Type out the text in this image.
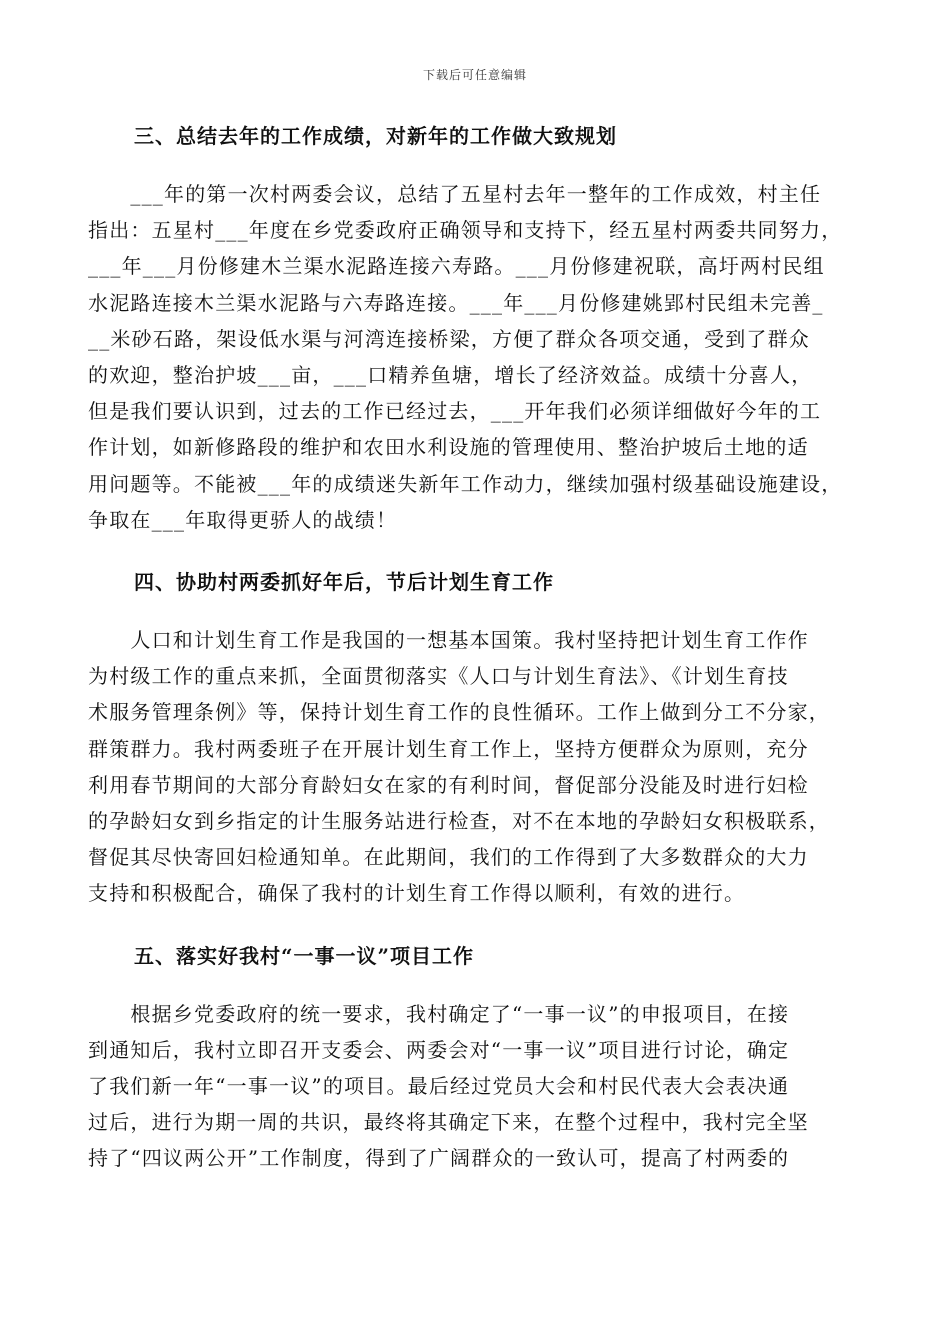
下载后可任意编辑
三、总结去年的工作成绩，对新年的工作做大致规划

　　___年的第一次村两委会议，总结了五星村去年一整年的工作成效，村主任
指出：五星村___年度在乡党委政府正确领导和支持下，经五星村两委共同努力，
___年___月份修建木兰渠水泥路连接六寿路。___月份修建祝联，高圩两村民组
水泥路连接木兰渠水泥路与六寿路连接。___年___月份修建姚郢村民组未完善_
__米砂石路，架设低水渠与河湾连接桥梁，方便了群众各项交通，受到了群众
的欢迎，整治护坡___亩，___口精养鱼塘，增长了经济效益。成绩十分喜人，
但是我们要认识到，过去的工作已经过去，___开年我们必须详细做好今年的工
作计划，如新修路段的维护和农田水利设施的管理使用、整治护坡后土地的适
用问题等。不能被___年的成绩迷失新年工作动力，继续加强村级基础设施建设，
争取在___年取得更骄人的战绩！

四、协助村两委抓好年后，节后计划生育工作

　　人口和计划生育工作是我国的一想基本国策。我村坚持把计划生育工作作
为村级工作的重点来抓，全面贯彻落实《人口与计划生育法》、《计划生育技
术服务管理条例》等，保持计划生育工作的良性循环。工作上做到分工不分家，
群策群力。我村两委班子在开展计划生育工作上，坚持方便群众为原则，充分
利用春节期间的大部分育龄妇女在家的有利时间，督促部分没能及时进行妇检
的孕龄妇女到乡指定的计生服务站进行检查，对不在本地的孕龄妇女积极联系，
督促其尽快寄回妇检通知单。在此期间，我们的工作得到了大多数群众的大力
支持和积极配合，确保了我村的计划生育工作得以顺利，有效的进行。

五、落实好我村“一事一议”项目工作

　　根据乡党委政府的统一要求，我村确定了“一事一议”的申报项目，在接
到通知后，我村立即召开支委会、两委会对“一事一议”项目进行讨论，确定
了我们新一年“一事一议”的项目。最后经过党员大会和村民代表大会表决通
过后，进行为期一周的共识，最终将其确定下来，在整个过程中，我村完全坚
持了“四议两公开”工作制度，得到了广阔群众的一致认可，提高了村两委的
